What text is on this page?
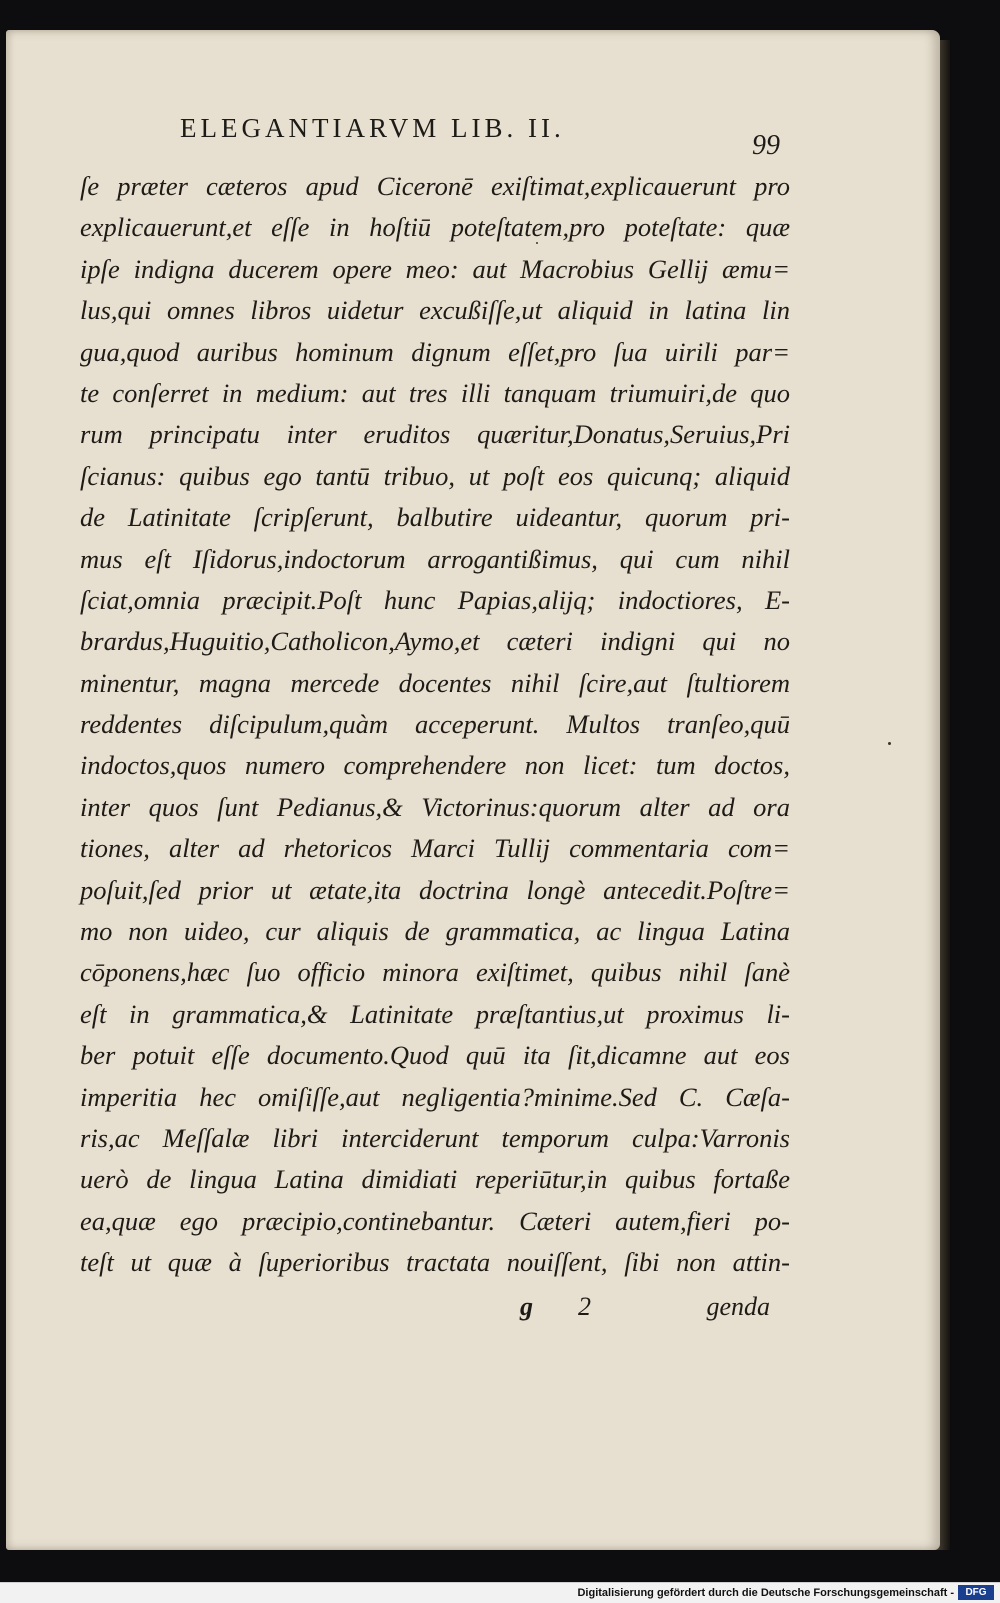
ELEGANTIARVM LIB. II.
99
ſe præter cæteros apud Ciceronē exiſtimat,explicauerunt pro
explicauerunt,et eſſe in hoſtiū poteſtatem,pro poteſtate: quæ
ipſe indigna ducerem opere meo: aut Macrobius Gellij æmu=
lus,qui omnes libros uidetur excußiſſe,ut aliquid in latina lin
gua,quod auribus hominum dignum eſſet,pro ſua uirili par=
te conſerret in medium: aut tres illi tanquam triumuiri,de quo
rum principatu inter eruditos quæritur,Donatus,Seruius,Pri
ſcianus: quibus ego tantū tribuo, ut poſt eos quicunq; aliquid
de Latinitate ſcripſerunt, balbutire uideantur, quorum pri-
mus eſt Iſidorus,indoctorum arrogantißimus, qui cum nihil
ſciat,omnia præcipit.Poſt hunc Papias,alijq; indoctiores, E-
brardus,Huguitio,Catholicon,Aymo,et cæteri indigni qui no
minentur, magna mercede docentes nihil ſcire,aut ſtultiorem
reddentes diſcipulum,quàm acceperunt. Multos tranſeo,quū
indoctos,quos numero comprehendere non licet: tum doctos,
inter quos ſunt Pedianus,& Victorinus:quorum alter ad ora
tiones, alter ad rhetoricos Marci Tullij commentaria com=
poſuit,ſed prior ut ætate,ita doctrina longè antecedit.Poſtre=
mo non uideo, cur aliquis de grammatica, ac lingua Latina
cōponens,hæc ſuo officio minora exiſtimet, quibus nihil ſanè
eſt in grammatica,& Latinitate præſtantius,ut proximus li-
ber potuit eſſe documento.Quod quū ita ſit,dicamne aut eos
imperitia hec omiſiſſe,aut negligentia?minime.Sed C. Cæſa-
ris,ac Meſſalæ libri interciderunt temporum culpa:Varronis
uerò de lingua Latina dimidiati reperiūtur,in quibus fortaße
ea,quæ ego præcipio,continebantur. Cæteri autem,fieri po-
teſt ut quæ à ſuperioribus tractata nouiſſent, ſibi non attin-
g 2	genda
Digitalisierung gefördert durch die Deutsche Forschungsgemeinschaft -	DFG
